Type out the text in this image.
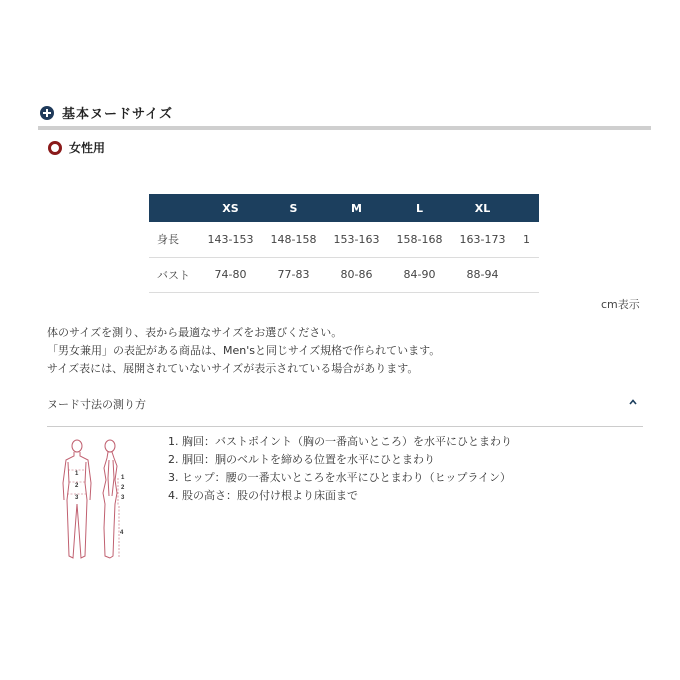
基本ヌードサイズ
女性用
	XS	S	M	L	XL	
身長	143-153	148-158	153-163	158-168	163-173	1
バスト	74-80	77-83	80-86	84-90	88-94	
cm表示

体のサイズを測り、表から最適なサイズをお選びください。

「男女兼用」の表記がある商品は、Men'sと同じサイズ規格で作られています。

サイズ表には、展開されていないサイズが表示されている場合があります。

ヌード寸法の測り方
1
2
3
1
2
3
4
1. 胸回：バストポイント（胸の一番高いところ）を水平にひとまわり
2. 胴回：胴のベルトを締める位置を水平にひとまわり
3. ヒップ：腰の一番太いところを水平にひとまわり（ヒップライン）
4. 股の高さ：股の付け根より床面まで
